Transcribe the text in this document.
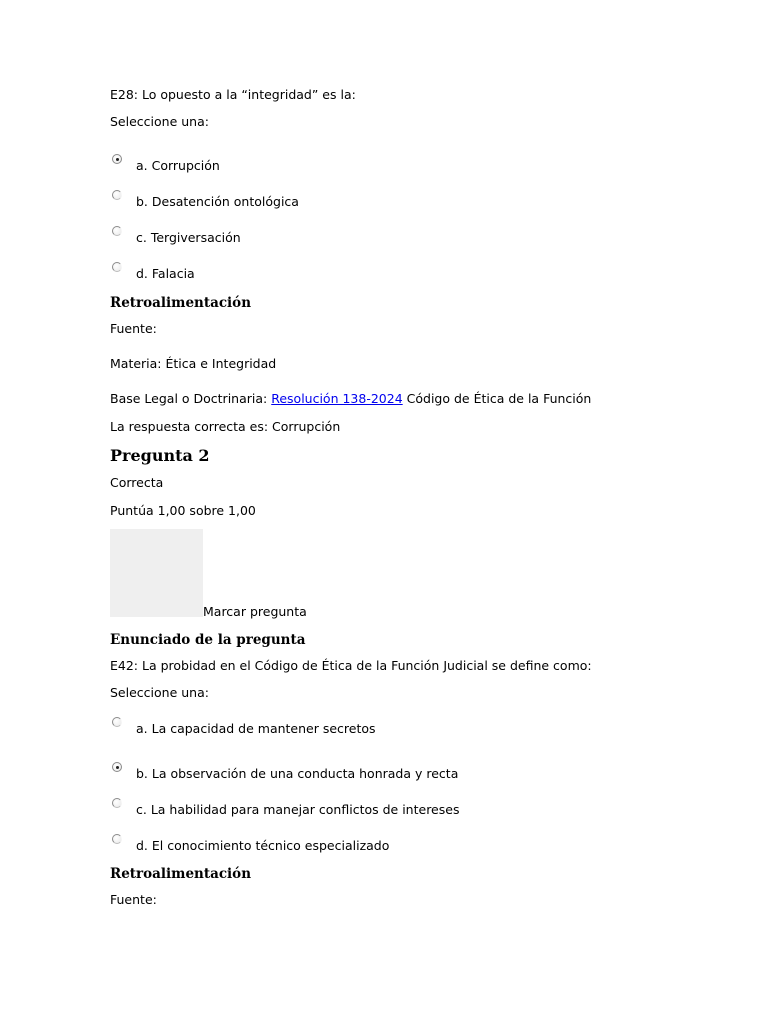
E28: Lo opuesto a la “integridad” es la:
Seleccione una:
a. Corrupción
b. Desatención ontológica
c. Tergiversación
d. Falacia
Retroalimentación
Fuente:
Materia: Ética e Integridad
Base Legal o Doctrinaria: Resolución 138-2024 Código de Ética de la Función
La respuesta correcta es: Corrupción
Pregunta 2
Correcta
Puntúa 1,00 sobre 1,00
Marcar pregunta
Enunciado de la pregunta
E42: La probidad en el Código de Ética de la Función Judicial se define como:
Seleccione una:
a. La capacidad de mantener secretos
b. La observación de una conducta honrada y recta
c. La habilidad para manejar conflictos de intereses
d. El conocimiento técnico especializado
Retroalimentación
Fuente:
